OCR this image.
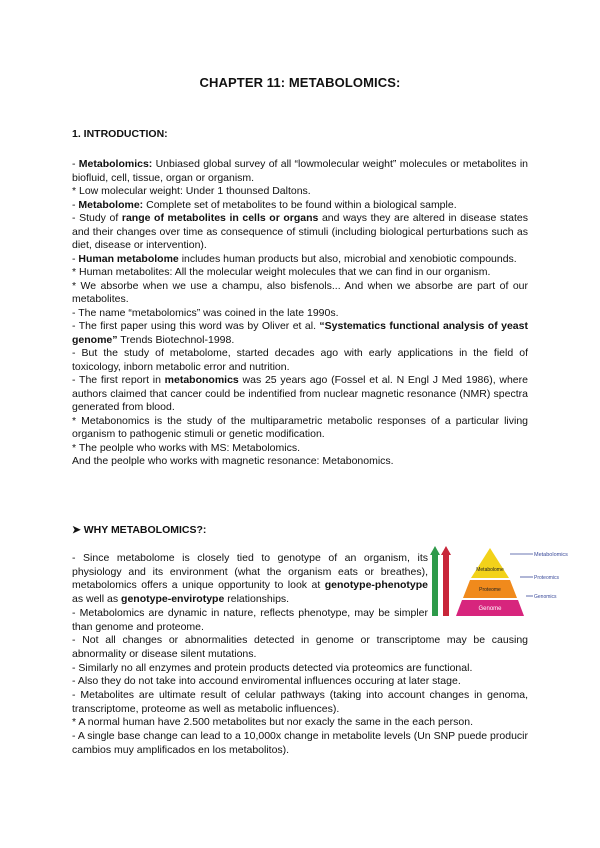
CHAPTER 11: METABOLOMICS:
1. INTRODUCTION:

- Metabolomics: Unbiased global survey of all “lowmolecular weight” molecules or metabolites in biofluid, cell, tissue, organ or organism.

* Low molecular weight: Under 1 thounsed Daltons.

- Metabolome: Complete set of metabolites to be found within a biological sample.

- Study of range of metabolites in cells or organs and ways they are altered in disease states and their changes over time as consequence of stimuli (including biological perturbations such as diet, disease or intervention).

- Human metabolome includes human products but also, microbial and xenobiotic compounds.

* Human metabolites: All the molecular weight molecules that we can find in our organism.

* We absorbe when we use a champu, also bisfenols... And when we absorbe are part of our metabolites.

- The name “metabolomics” was coined in the late 1990s.

- The first paper using this word was by Oliver et al. “Systematics functional analysis of yeast genome” Trends Biotechnol-1998.

- But the study of metabolome, started decades ago with early applications in the field of toxicology, inborn metabolic error and nutrition.

- The first report in metabonomics was 25 years ago (Fossel et al. N Engl J Med 1986), where authors claimed that cancer could be indentified from nuclear magnetic resonance (NMR) spectra generated from blood.

* Metabonomics is the study of the multiparametric metabolic responses of a particular living organism to pathogenic stimuli or genetic modification.

* The peolple who works with MS: Metabolomics.

And the peolple who works with magnetic resonance: Metabonomics.

➤ WHY METABOLOMICS?:
Metabolome
Proteome
Genome
Metabolomics
Proteomics
Genomics

- Since metabolome is closely tied to genotype of an organism, its physiology and its environment (what the organism eats or breathes), metabolomics offers a unique opportunity to look at genotype-phenotype as well as genotype-envirotype relationships.

- Metabolomics are dynamic in nature, reflects phenotype, may be simpler than genome and proteome.

- Not all changes or abnormalities detected in genome or transcriptome may be causing abnormality or disease silent mutations.

- Similarly no all enzymes and protein products detected via proteomics are functional.

- Also they do not take into accound enviromental influences occuring at later stage.

- Metabolites are ultimate result of celular pathways (taking into account changes in genoma, transcriptome, proteome as well as metabolic influences).

* A normal human have 2.500 metabolites but nor exacly the same in the each person.

- A single base change can lead to a 10,000x change in metabolite levels (Un SNP puede producir cambios muy amplificados en los metabolitos).
